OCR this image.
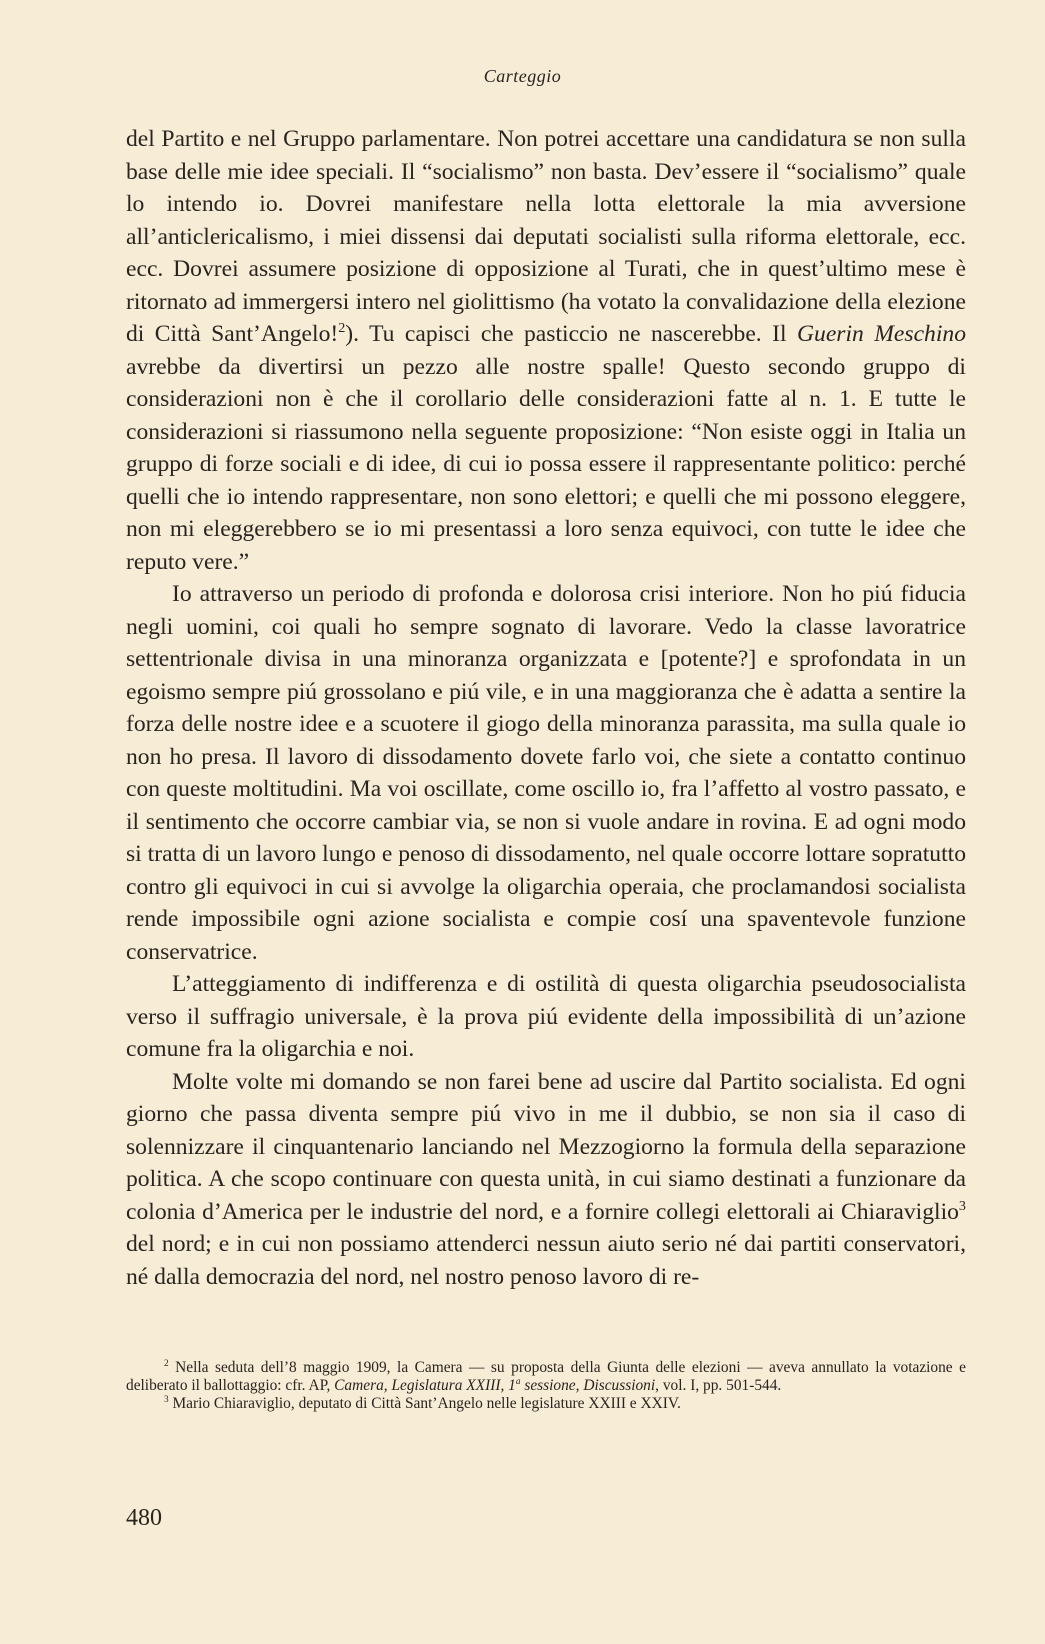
Carteggio

del Partito e nel Gruppo parlamentare. Non potrei accettare una candidatura se non sulla base delle mie idee speciali. Il “socialismo” non basta. Dev’essere il “socialismo” quale lo intendo io. Dovrei manifestare nella lotta elettorale la mia avversione all’anticlericalismo, i miei dissensi dai deputati socialisti sulla riforma elettorale, ecc. ecc. Dovrei assumere posizione di opposizione al Turati, che in quest’ultimo mese è ritornato ad immergersi intero nel giolittismo (ha votato la convalidazione della elezione di Città Sant’Angelo!$^2$). Tu capisci che pasticcio ne nascerebbe. Il Guerin Meschino avrebbe da divertirsi un pezzo alle nostre spalle! Questo secondo gruppo di considerazioni non è che il corollario delle considerazioni fatte al n. 1. E tutte le considerazioni si riassumono nella seguente proposizione: “Non esiste oggi in Italia un gruppo di forze sociali e di idee, di cui io possa essere il rappresentante politico: perché quelli che io intendo rappresentare, non sono elettori; e quelli che mi possono eleggere, non mi eleggerebbero se io mi presentassi a loro senza equivoci, con tutte le idee che reputo vere.”

Io attraverso un periodo di profonda e dolorosa crisi interiore. Non ho piú fiducia negli uomini, coi quali ho sempre sognato di lavorare. Vedo la classe lavoratrice settentrionale divisa in una minoranza organizzata e [potente?] e sprofondata in un egoismo sempre piú grossolano e piú vile, e in una maggioranza che è adatta a sentire la forza delle nostre idee e a scuotere il giogo della minoranza parassita, ma sulla quale io non ho presa. Il lavoro di dissodamento dovete farlo voi, che siete a contatto continuo con queste moltitudini. Ma voi oscillate, come oscillo io, fra l’affetto al vostro passato, e il sentimento che occorre cambiar via, se non si vuole andare in rovina. E ad ogni modo si tratta di un lavoro lungo e penoso di dissodamento, nel quale occorre lottare sopratutto contro gli equivoci in cui si avvolge la oligarchia operaia, che proclamandosi socialista rende impossibile ogni azione socialista e compie cosí una spaventevole funzione conservatrice.

L’atteggiamento di indifferenza e di ostilità di questa oligarchia pseudosocialista verso il suffragio universale, è la prova piú evidente della impossibilità di un’azione comune fra la oligarchia e noi.

Molte volte mi domando se non farei bene ad uscire dal Partito socialista. Ed ogni giorno che passa diventa sempre piú vivo in me il dubbio, se non sia il caso di solennizzare il cinquantenario lanciando nel Mezzogiorno la formula della separazione politica. A che scopo continuare con questa unità, in cui siamo destinati a funzionare da colonia d’America per le industrie del nord, e a fornire collegi elettorali ai Chiaraviglio$^3$ del nord; e in cui non possiamo attenderci nessun aiuto serio né dai partiti conservatori, né dalla democrazia del nord, nel nostro penoso lavoro di re-

$^2$ Nella seduta dell’8 maggio 1909, la Camera — su proposta della Giunta delle elezioni — aveva annullato la votazione e deliberato il ballottaggio: cfr. AP, Camera, Legislatura XXIII, 1$^a$ sessione, Discussioni, vol. I, pp. 501-544.

$^3$ Mario Chiaraviglio, deputato di Città Sant’Angelo nelle legislature XXIII e XXIV.

480
